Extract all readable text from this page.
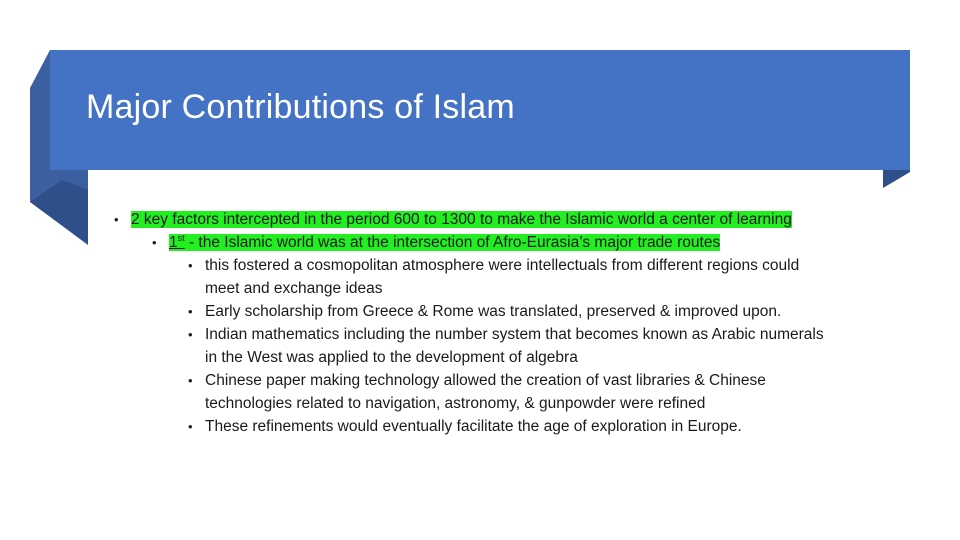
Major Contributions of Islam
• 2 key factors intercepted in the period 600 to 1300 to make the Islamic world a center of learning
• 1st - the Islamic world was at the intersection of Afro-Eurasia’s major trade routes
• this fostered a cosmopolitan atmosphere were intellectuals from different regions could meet and exchange ideas
• Early scholarship from Greece & Rome was translated, preserved & improved upon.
• Indian mathematics including the number system that becomes known as Arabic numerals in the West was applied to the development of algebra
• Chinese paper making technology allowed the creation of vast libraries & Chinese technologies related to navigation, astronomy, & gunpowder were refined
• These refinements would eventually facilitate the age of exploration in Europe.
